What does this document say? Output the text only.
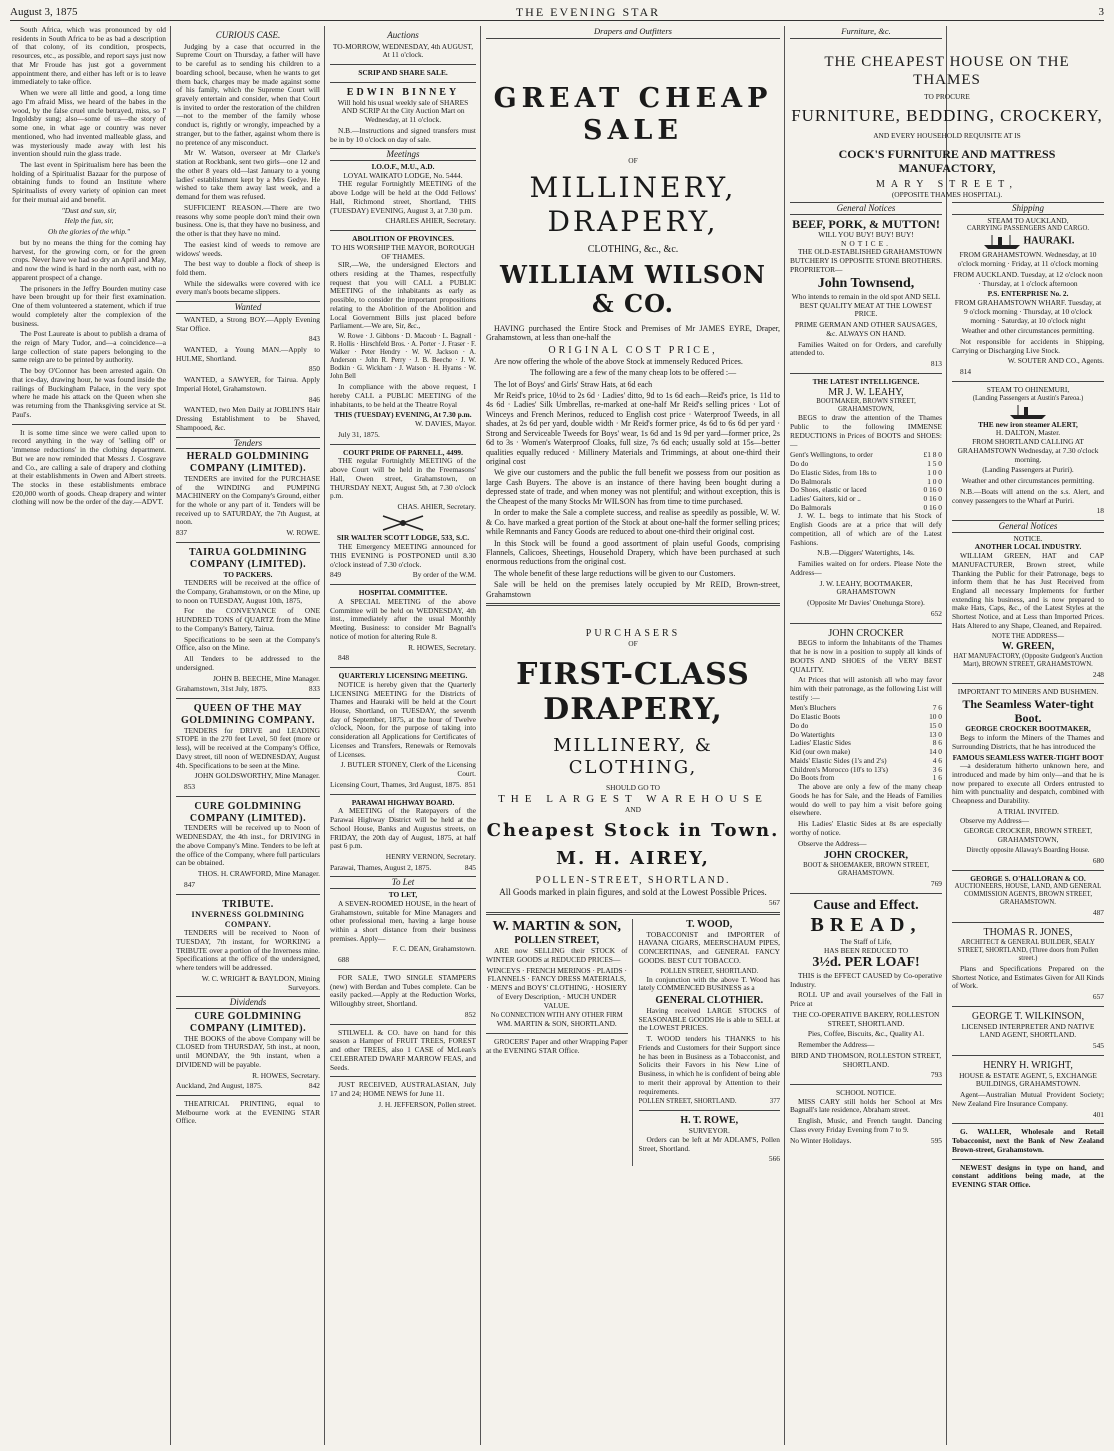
August 3, 1875	THE EVENING STAR	3

South Africa, which was pronounced by old residents in South Africa to be as bad a description of that colony, of its condition, prospects, resources, etc., as possible, and report says just now that Mr Froude has just got a government appointment there, and either has left or is to leave immediately to take office.

When we were all little and good, a long time ago I'm afraid Miss, we heard of the babes in the wood, by the false cruel uncle betrayed, miss, so I' Ingoldsby sung; also—some of us—the story of some one, in what age or country was never mentioned, who had invented malleable glass, and was mysteriously made away with lest his invention should ruin the glass trade.

The last event in Spiritualism here has been the holding of a Spiritualist Bazaar for the purpose of obtaining funds to found an Institute where Spiritualists of every variety of opinion can meet for their mutual aid and benefit.

"Dust and sun, sir,

Help the fun, sir,

Oh the glories of the whip."

but by no means the thing for the coming hay harvest, for the growing corn, or for the green crops. Never have we had so dry an April and May, and now the wind is hard in the north east, with no apparent prospect of a change.

The prisoners in the Jeffry Bourden mutiny case have been brought up for their first examination. One of them volunteered a statement, which if true would completely alter the complexion of the business.

The Post Laureate is about to publish a drama of the reign of Mary Tudor, and—a coincidence—a large collection of state papers belonging to the same reign are to be printed by authority.

The boy O'Connor has been arrested again. On that ice-day, drawing hour, he was found inside the railings of Buckingham Palace, in the very spot where he made his attack on the Queen when she was returning from the Thanksgiving service at St. Paul's.

It is some time since we were called upon to record anything in the way of 'selling off' or 'immense reductions' in the clothing department. But we are now reminded that Messrs J. Cosgrave and Co., are calling a sale of drapery and clothing at their establishments in Owen and Albert streets. The stocks in these establishments embrace £20,000 worth of goods. Cheap drapery and winter clothing will now be the order of the day.—ADVT.

CURIOUS CASE.

Judging by a case that occurred in the Supreme Court on Thursday, a father will have to be careful as to sending his children to a boarding school, because, when he wants to get them back, charges may be made against some of his family, which the Supreme Court will gravely entertain and consider, when that Court is invited to order the restoration of the children—not to the member of the family whose conduct is, rightly or wrongly, impeached by a stranger, but to the father, against whom there is no pretence of any misconduct.

Mr W. Watson, overseer at Mr Clarke's station at Rockbank, sent two girls—one 12 and the other 8 years old—last January to a young ladies' establishment kept by a Mrs Gedye. He wished to take them away last week, and a demand for them was refused.

SUFFICIENT REASON.—There are two reasons why some people don't mind their own business. One is, that they have no business, and the other is that they have no mind.

The easiest kind of weeds to remove are widows' weeds.

The best way to double a flock of sheep is fold them.

While the sidewalks were covered with ice every man's boots became slippers.

Wanted

WANTED, a Strong BOY.—Apply Evening Star Office.

843

WANTED, a Young MAN.—Apply to HULME, Shortland.

850

WANTED, a SAWYER, for Tairua. Apply Imperial Hotel, Grahamstown.

846

WANTED, two Men Daily at JOBLIN'S Hair Dressing Establishment to be Shaved, Shampooed, &c.

Tenders
HERALD GOLDMINING COMPANY (LIMITED).

TENDERS are invited for the PURCHASE of the WINDING and PUMPING MACHINERY on the Company's Ground, either for the whole or any part of it. Tenders will be received up to SATURDAY, the 7th August, at noon.

837	W. ROWE.
TAIRUA GOLDMINING COMPANY (LIMITED).
TO PACKERS.

TENDERS will be received at the office of the Company, Grahamstown, or on the Mine, up to noon on TUESDAY, August 10th, 1875,

For the CONVEYANCE of ONE HUNDRED TONS of QUARTZ from the Mine to the Company's Battery, Tairua.

Specifications to be seen at the Company's Office, also on the Mine.

All Tenders to be addressed to the undersigned.

JOHN B. BEECHE, Mine Manager.

Grahamstown, 31st July, 1875.	833
QUEEN OF THE MAY GOLDMINING COMPANY.

TENDERS for DRIVE and LEADING STOPE in the 270 feet Level, 50 feet (more or less), will be received at the Company's Office, Davy street, till noon of WEDNESDAY, August 4th. Specifications to be seen at the Mine.

JOHN GOLDSWORTHY, Mine Manager.

853

CURE GOLDMINING COMPANY (LIMITED).

TENDERS will be received up to Noon of WEDNESDAY, the 4th inst., for DRIVING in the above Company's Mine. Tenders to be left at the office of the Company, where full particulars can be obtained.

THOS. H. CRAWFORD, Mine Manager.

847

TRIBUTE.
INVERNESS GOLDMINING COMPANY.

TENDERS will be received to Noon of TUESDAY, 7th instant, for WORKING a TRIBUTE over a portion of the Inverness mine. Specifications at the office of the undersigned, where tenders will be addressed.

W. C. WRIGHT & BAYLDON, Mining Surveyors.

Dividends
CURE GOLDMINING COMPANY (LIMITED).

THE BOOKS of the above Company will be CLOSED from THURSDAY, 5th inst., at noon, until MONDAY, the 9th instant, when a DIVIDEND will be payable.

R. HOWES, Secretary.

Auckland, 2nd August, 1875.	842

THEATRICAL PRINTING, equal to Melbourne work at the EVENING STAR Office.

Auctions
TO-MORROW, WEDNESDAY, 4th AUGUST, At 11 o'clock.
SCRIP AND SHARE SALE.
EDWIN BINNEY

Will hold his usual weekly sale of SHARES AND SCRIP At the City Auction Mart on Wednesday, at 11 o'clock.

N.B.—Instructions and signed transfers must be in by 10 o'clock on day of sale.

Meetings
I.O.O.F., M.U., A.D.
LOYAL WAIKATO LODGE, No. 5444.

THE regular Fortnightly MEETING of the above Lodge will be held at the Odd Fellows' Hall, Richmond street, Shortland, THIS (TUESDAY) EVENING, August 3, at 7.30 p.m.

CHARLES AHIER, Secretary.

ABOLITION OF PROVINCES.
TO HIS WORSHIP THE MAYOR, BOROUGH OF THAMES.

SIR,—We, the undersigned Electors and others residing at the Thames, respectfully request that you will CALL a PUBLIC MEETING of the inhabitants as early as possible, to consider the important propositions relating to the Abolition of the Abolition and Local Government Bills just placed before Parliament.—We are, Sir, &c.,

W. Rowe · J. Gibbons · D. Macoub · L. Bagnall · R. Hollis · Hirschfeld Bros. · A. Porter · J. Fraser · F. Walker · Peter Hendry · W. W. Jackson · A. Anderson · John R. Perry · J. B. Beeche · J. W. Bodkin · G. Wickham · J. Watson · H. Hyams · W. John Bell

In compliance with the above request, I hereby CALL a PUBLIC MEETING of the inhabitants, to be held at the Theatre Royal

THIS (TUESDAY) EVENING, At 7.30 p.m.

W. DAVIES, Mayor.

July 31, 1875.

COURT PRIDE OF PARNELL, 4499.

THE regular Fortnightly MEETING of the above Court will be held in the Freemasons' Hall, Owen street, Grahamstown, on THURSDAY NEXT, August 5th, at 7.30 o'clock p.m.

CHAS. AHIER, Secretary.

SIR WALTER SCOTT LODGE, 533, S.C.

THE Emergency MEETING announced for THIS EVENING is POSTPONED until 8.30 o'clock instead of 7.30 o'clock.

849	By order of the W.M.
HOSPITAL COMMITTEE.

A SPECIAL MEETING of the above Committee will be held on WEDNESDAY, 4th inst., immediately after the usual Monthly Meeting. Business: to consider Mr Bagnall's notice of motion for altering Rule 8.

R. HOWES, Secretary.

848

QUARTERLY LICENSING MEETING.

NOTICE is hereby given that the Quarterly LICENSING MEETING for the Districts of Thames and Hauraki will be held at the Court House, Shortland, on TUESDAY, the seventh day of September, 1875, at the hour of Twelve o'clock, Noon, for the purpose of taking into consideration all Applications for Certificates of Licenses and Transfers, Renewals or Removals of Licenses.

J. BUTLER STONEY, Clerk of the Licensing Court.

Licensing Court, Thames, 3rd August, 1875. 851
PARAWAI HIGHWAY BOARD.

A MEETING of the Ratepayers of the Parawai Highway District will be held at the School House, Banks and Augustus streets, on FRIDAY, the 20th day of August, 1875, at half past 6 p.m.

HENRY VERNON, Secretary.

Parawai, Thames, August 2, 1875.	845
To Let
TO LET,

A SEVEN-ROOMED HOUSE, in the heart of Grahamstown, suitable for Mine Managers and other professional men, having a large house within a short distance from their business premises. Apply—

F. C. DEAN, Grahamstown.

688

FOR SALE, TWO SINGLE STAMPERS (new) with Berdan and Tubes complete. Can be easily packed.—Apply at the Reduction Works, Willoughby street, Shortland.

852

STILWELL & CO. have on hand for this season a Hamper of FRUIT TREES, FOREST and other TREES, also 1 CASE of McLean's CELEBRATED DWARF MARROW FEAS, and Seeds.

JUST RECEIVED, AUSTRALASIAN, July 17 and 24; HOME NEWS for June 11.

J. H. JEFFERSON, Pollen street.

Drapers and Outfitters
GREAT CHEAP SALE
OF
MILLINERY, DRAPERY,
CLOTHING, &c., &c.
WILLIAM WILSON & CO.

HAVING purchased the Entire Stock and Premises of Mr JAMES EYRE, Draper, Grahamstown, at less than one-half the

ORIGINAL COST PRICE,

Are now offering the whole of the above Stock at immensely Reduced Prices.

The following are a few of the many cheap lots to be offered :—

The lot of Boys' and Girls' Straw Hats, at 6d each

Mr Reid's price, 10½d to 2s 6d · Ladies' ditto, 9d to 1s 6d each—Reid's price, 1s 11d to 4s 6d · Ladies' Silk Umbrellas, re-marked at one-half Mr Reid's selling prices · Lot of Winceys and French Merinos, reduced to English cost price · Waterproof Tweeds, in all shades, at 2s 6d per yard, double width · Mr Reid's former price, 4s 6d to 6s 6d per yard · Strong and Serviceable Tweeds for Boys' wear, 1s 6d and 1s 9d per yard—former price, 2s 6d to 3s · Women's Waterproof Cloaks, full size, 7s 6d each; usually sold at 15s—better qualities equally reduced · Millinery Materials and Trimmings, at about one-third their original cost

We give our customers and the public the full benefit we possess from our position as large Cash Buyers. The above is an instance of there having been bought during a depressed state of trade, and when money was not plentiful; and without exception, this is the Cheapest of the many Stocks Mr WILSON has from time to time purchased.

In order to make the Sale a complete success, and realise as speedily as possible, W. W. & Co. have marked a great portion of the Stock at about one-half the former selling prices; while Remnants and Fancy Goods are reduced to about one-third their original cost.

In this Stock will be found a good assortment of plain useful Goods, comprising Flannels, Calicoes, Sheetings, Household Drapery, which have been purchased at such enormous reductions from the original cost.

The whole benefit of these large reductions will be given to our Customers.

Sale will be held on the premises lately occupied by Mr REID, Brown-street, Grahamstown

PURCHASERS
OF
FIRST-CLASS DRAPERY,
MILLINERY, & CLOTHING,
SHOULD GO TO
THE LARGEST WAREHOUSE
AND
Cheapest Stock in Town.
M. H. AIREY,
POLLEN-STREET, SHORTLAND.

All Goods marked in plain figures, and sold at the Lowest Possible Prices.

567

W. MARTIN & SON,
POLLEN STREET,

ARE now SELLING their STOCK of WINTER GOODS at REDUCED PRICES—

WINCEYS · FRENCH MERINOS · PLAIDS · FLANNELS · FANCY DRESS MATERIALS, · MEN'S and BOYS' CLOTHING, · HOSIERY of Every Description, · MUCH UNDER VALUE.

No CONNECTION WITH ANY OTHER FIRM
WM. MARTIN & SON, SHORTLAND.

GROCERS' Paper and other Wrapping Paper at the EVENING STAR Office.

T. WOOD,

TOBACCONIST and IMPORTER of HAVANA CIGARS, MEERSCHAUM PIPES, CONCERTINAS, and GENERAL FANCY GOODS. BEST CUT TOBACCO.

POLLEN STREET, SHORTLAND.

In conjunction with the above T. Wood has lately COMMENCED BUSINESS as a

GENERAL CLOTHIER.

Having received LARGE STOCKS of SEASONABLE GOODS He is able to SELL at the LOWEST PRICES.

T. WOOD tenders his THANKS to his Friends and Customers for their Support since he has been in Business as a Tobacconist, and Solicits their Favors in his New Line of Business, in which he is confident of being able to merit their approval by Attention to their requirements.

POLLEN STREET, SHORTLAND.	377
H. T. ROWE,
SURVEYOR.

Orders can be left at Mr ADLAM'S, Pollen Street, Shortland.

566

Furniture, &c.
THE CHEAPEST HOUSE ON THE THAMES
TO PROCURE
FURNITURE, BEDDING, CROCKERY,
AND EVERY HOUSEHOLD REQUISITE AT IS
COCK'S FURNITURE AND MATTRESS MANUFACTORY,
MARY STREET,
(OPPOSITE THAMES HOSPITAL).
General Notices
BEEF, PORK, & MUTTON!
WILL YOU BUY! BUY! BUY!
NOTICE.

THE OLD-ESTABLISHED GRAHAMSTOWN BUTCHERY IS OPPOSITE STONE BROTHERS. PROPRIETOR—

John Townsend,

Who intends to remain in the old spot AND SELL BEST QUALITY MEAT AT THE LOWEST PRICE.

PRIME GERMAN AND OTHER SAUSAGES, &c. ALWAYS ON HAND.

Families Waited on for Orders, and carefully attended to.

813

THE LATEST INTELLIGENCE.
MR J. W. LEAHY,
BOOTMAKER, BROWN STREET, GRAHAMSTOWN,

BEGS to draw the attention of the Thames Public to the following IMMENSE REDUCTIONS in Prices of BOOTS and SHOES:—

Gent's Wellingtons, to order	£1 8 0
Do do	1 5 0
Do Elastic Sides, from 18s to	1 0 0
Do Balmorals	1 0 0
Do Shoes, elastic or laced	0 16 0
Ladies' Gaiters, kid or ..	0 16 0
Do Balmorals	0 16 0

J. W. L. begs to intimate that his Stock of English Goods are at a price that will defy competition, all of which are of the Latest Fashions.

N.B.—Diggers' Watertights, 14s.

Families waited on for orders. Please Note the Address—

J. W. LEAHY, BOOTMAKER, GRAHAMSTOWN

(Opposite Mr Davies' Onehunga Store).

652

JOHN CROCKER

BEGS to inform the Inhabitants of the Thames that he is now in a position to supply all kinds of BOOTS AND SHOES of the VERY BEST QUALITY.

At Prices that will astonish all who may favor him with their patronage, as the following List will testify :—

Men's Bluchers	7 6
Do Elastic Boots	10 0
Do do	15 0
Do Watertights	13 0
Ladies' Elastic Sides	8 6
Kid (our own make)	14 0
Maids' Elastic Sides (1's and 2's)	4 6
Children's Morocco (10's to 13's)	3 6
Do Boots from	1 6

The above are only a few of the many cheap Goods he has for Sale, and the Heads of Families would do well to pay him a visit before going elsewhere.

His Ladies' Elastic Sides at 8s are especially worthy of notice.

Observe the Address—

JOHN CROCKER,

BOOT & SHOEMAKER, BROWN STREET, GRAHAMSTOWN.

769

Cause and Effect.
BREAD,
The Staff of Life,
HAS BEEN REDUCED TO
3½d. PER LOAF!

THIS is the EFFECT CAUSED by Co-operative Industry.

ROLL UP and avail yourselves of the Fall in Price at

THE CO-OPERATIVE BAKERY, ROLLESTON STREET, SHORTLAND.

Pies, Coffee, Biscuits, &c., Quality A1.

Remember the Address—

BIRD AND THOMSON, ROLLESTON STREET, SHORTLAND.

793

SCHOOL NOTICE.

MISS CARY still holds her School at Mrs Bagnall's late residence, Abraham street.

English, Music, and French taught. Dancing Class every Friday Evening from 7 to 9.

No Winter Holidays.	595
Shipping
STEAM TO AUCKLAND,
CARRYING PASSENGERS AND CARGO.
HAURAKI.

FROM GRAHAMSTOWN. Wednesday, at 10 o'clock morning · Friday, at 11 o'clock morning

FROM AUCKLAND. Tuesday, at 12 o'clock noon · Thursday, at 1 o'clock afternoon

P.S. ENTERPRISE No. 2.

FROM GRAHAMSTOWN WHARF. Tuesday, at 9 o'clock morning · Thursday, at 10 o'clock morning · Saturday, at 10 o'clock night

Weather and other circumstances permitting.

Not responsible for accidents in Shipping, Carrying or Discharging Live Stock.

W. SOUTER AND CO., Agents.

814

STEAM TO OHINEMURI,
(Landing Passengers at Austin's Pareoa.)
THE new iron steamer ALERT,
H. DALTON, Master.

FROM SHORTLAND CALLING AT GRAHAMSTOWN Wednesday, at 7.30 o'clock morning.

(Landing Passengers at Puriri).

Weather and other circumstances permitting.

N.B.—Boats will attend on the s.s. Alert, and convey passengers to the Wharf at Puriri.

18

General Notices
NOTICE.
ANOTHER LOCAL INDUSTRY.

WILLIAM GREEN, HAT and CAP MANUFACTURER, Brown street, while Thanking the Public for their Patronage, begs to inform them that he has Just Received from England all necessary Implements for further extending his business, and is now prepared to make Hats, Caps, &c., of the Latest Styles at the Shortest Notice, and at Less than Imported Prices. Hats Altered to any Shape, Cleaned, and Repaired.

NOTE THE ADDRESS—
W. GREEN,

HAT MANUFACTORY, (Opposite Gudgeon's Auction Mart), BROWN STREET, GRAHAMSTOWN.

248

IMPORTANT TO MINERS AND BUSHMEN.
The Seamless Water-tight Boot.
GEORGE CROCKER BOOTMAKER,

Begs to inform the Miners of the Thames and Surrounding Districts, that he has introduced the

FAMOUS SEAMLESS WATER-TIGHT BOOT

—a desideratum hitherto unknown here, and introduced and made by him only—and that he is now prepared to execute all Orders entrusted to him with punctuality and despatch, combined with Cheapness and Durability.

A TRIAL INVITED.

Observe my Address—

GEORGE CROCKER, BROWN STREET, GRAHAMSTOWN,

Directly opposite Allaway's Boarding House.

680

GEORGE S. O'HALLORAN & CO.

AUCTIONEERS, HOUSE, LAND, AND GENERAL COMMISSION AGENTS, BROWN STREET, GRAHAMSTOWN.

487

THOMAS R. JONES,

ARCHITECT & GENERAL BUILDER, SEALY STREET, SHORTLAND, (Three doors from Pollen street.)

Plans and Specifications Prepared on the Shortest Notice, and Estimates Given for All Kinds of Work.

657

GEORGE T. WILKINSON,

LICENSED INTERPRETER AND NATIVE LAND AGENT, SHORTLAND.

545

HENRY H. WRIGHT,

HOUSE & ESTATE AGENT, 5, EXCHANGE BUILDINGS, GRAHAMSTOWN.

Agent—Australian Mutual Provident Society; New Zealand Fire Insurance Company.

401

G. WALLER, Wholesale and Retail Tobacconist, next the Bank of New Zealand Brown-street, Grahamstown.

NEWEST designs in type on hand, and constant additions being made, at the EVENING STAR Office.
